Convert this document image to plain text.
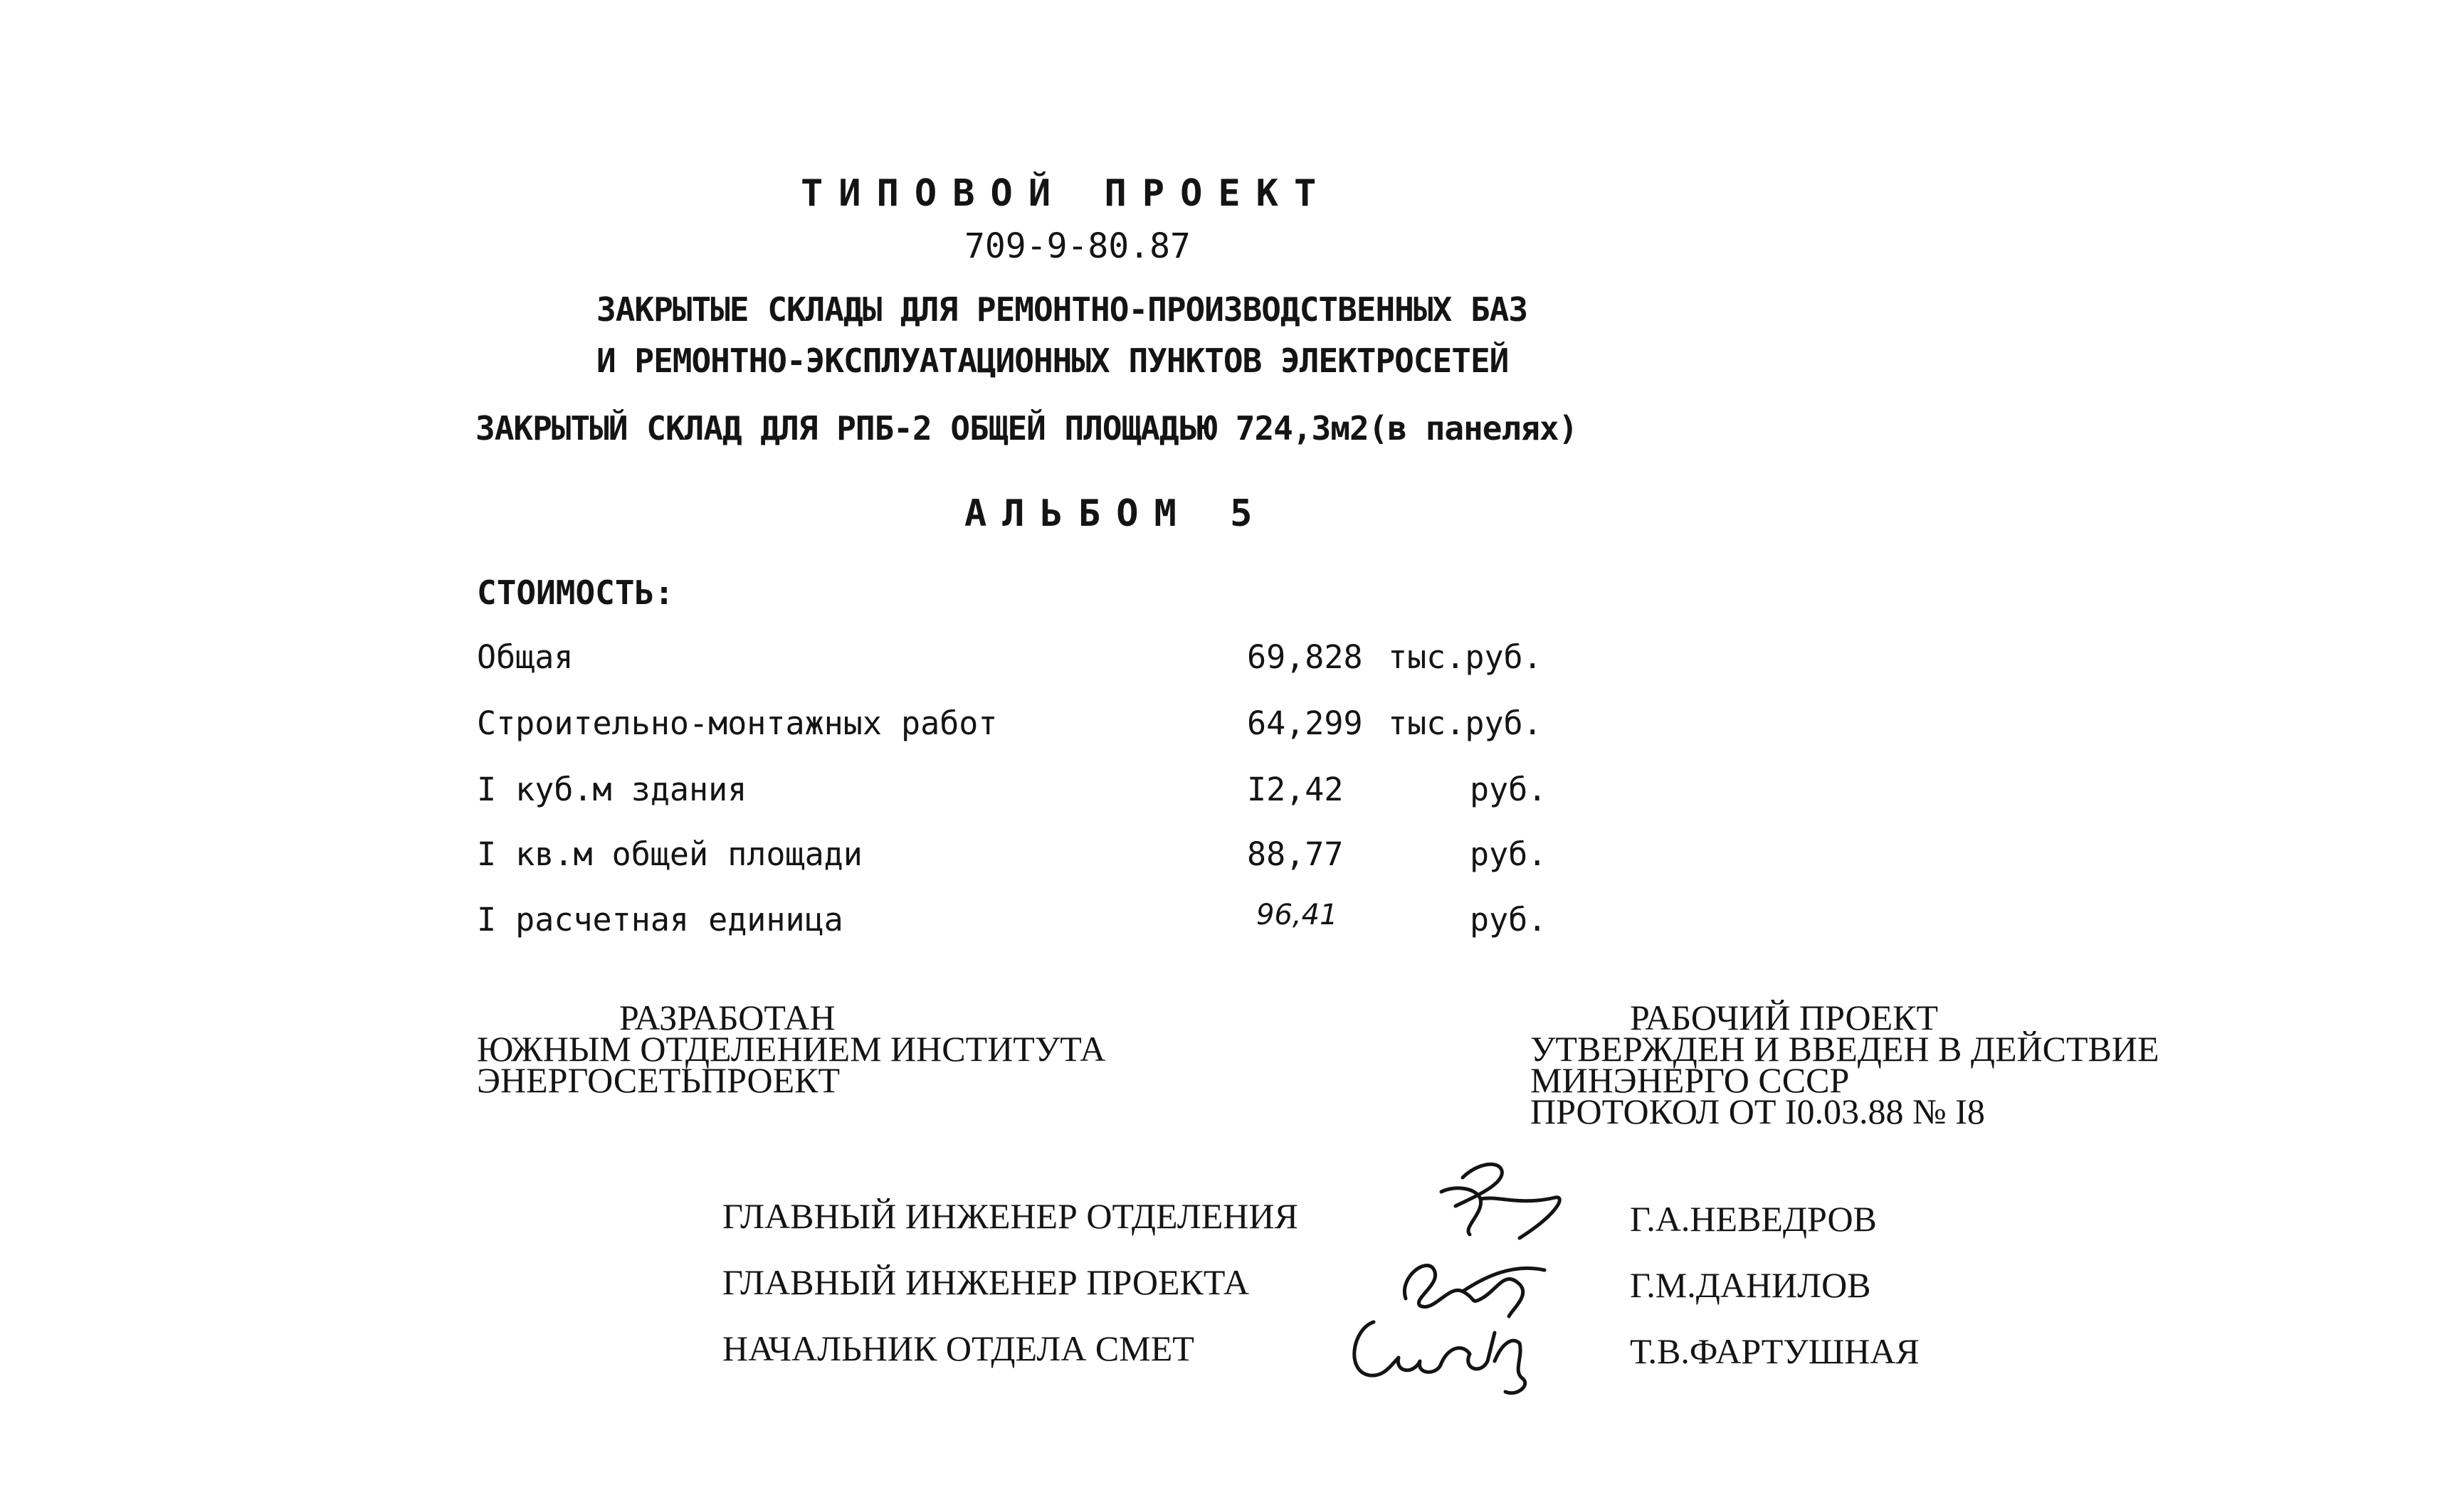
ТИПОВОЙ ПРОЕКТ
709-9-80.87
ЗАКРЫТЫЕ СКЛАДЫ ДЛЯ РЕМОНТНО-ПРОИЗВОДСТВЕННЫХ БАЗ
И РЕМОНТНО-ЭКСПЛУАТАЦИОННЫХ ПУНКТОВ ЭЛЕКТРОСЕТЕЙ
ЗАКРЫТЫЙ СКЛАД ДЛЯ РПБ-2 ОБЩЕЙ ПЛОЩАДЬЮ 724,3м2(в панелях)
АЛЬБОМ 5
СТОИМОСТЬ:
Общая	69,828 тыс.руб.
Строительно-монтажных работ	64,299 тыс.руб.
I куб.м здания	I2,42	руб.
I кв.м общей площади	88,77	руб.
I расчетная единица	96,41	руб.
РАЗРАБОТАН
ЮЖНЫМ ОТДЕЛЕНИЕМ ИНСТИТУТА
ЭНЕРГОСЕТЬПРОЕКТ
РАБОЧИЙ ПРОЕКТ
УТВЕРЖДЕН И ВВЕДЕН В ДЕЙСТВИЕ
МИНЭНЕРГО СССР
ПРОТОКОЛ ОТ I0.03.88 № I8
ГЛАВНЫЙ ИНЖЕНЕР ОТДЕЛЕНИЯ	Г.А.НЕВЕДРОВ
ГЛАВНЫЙ ИНЖЕНЕР ПРОЕКТА	Г.М.ДАНИЛОВ
НАЧАЛЬНИК ОТДЕЛА СМЕТ	Т.В.ФАРТУШНАЯ
